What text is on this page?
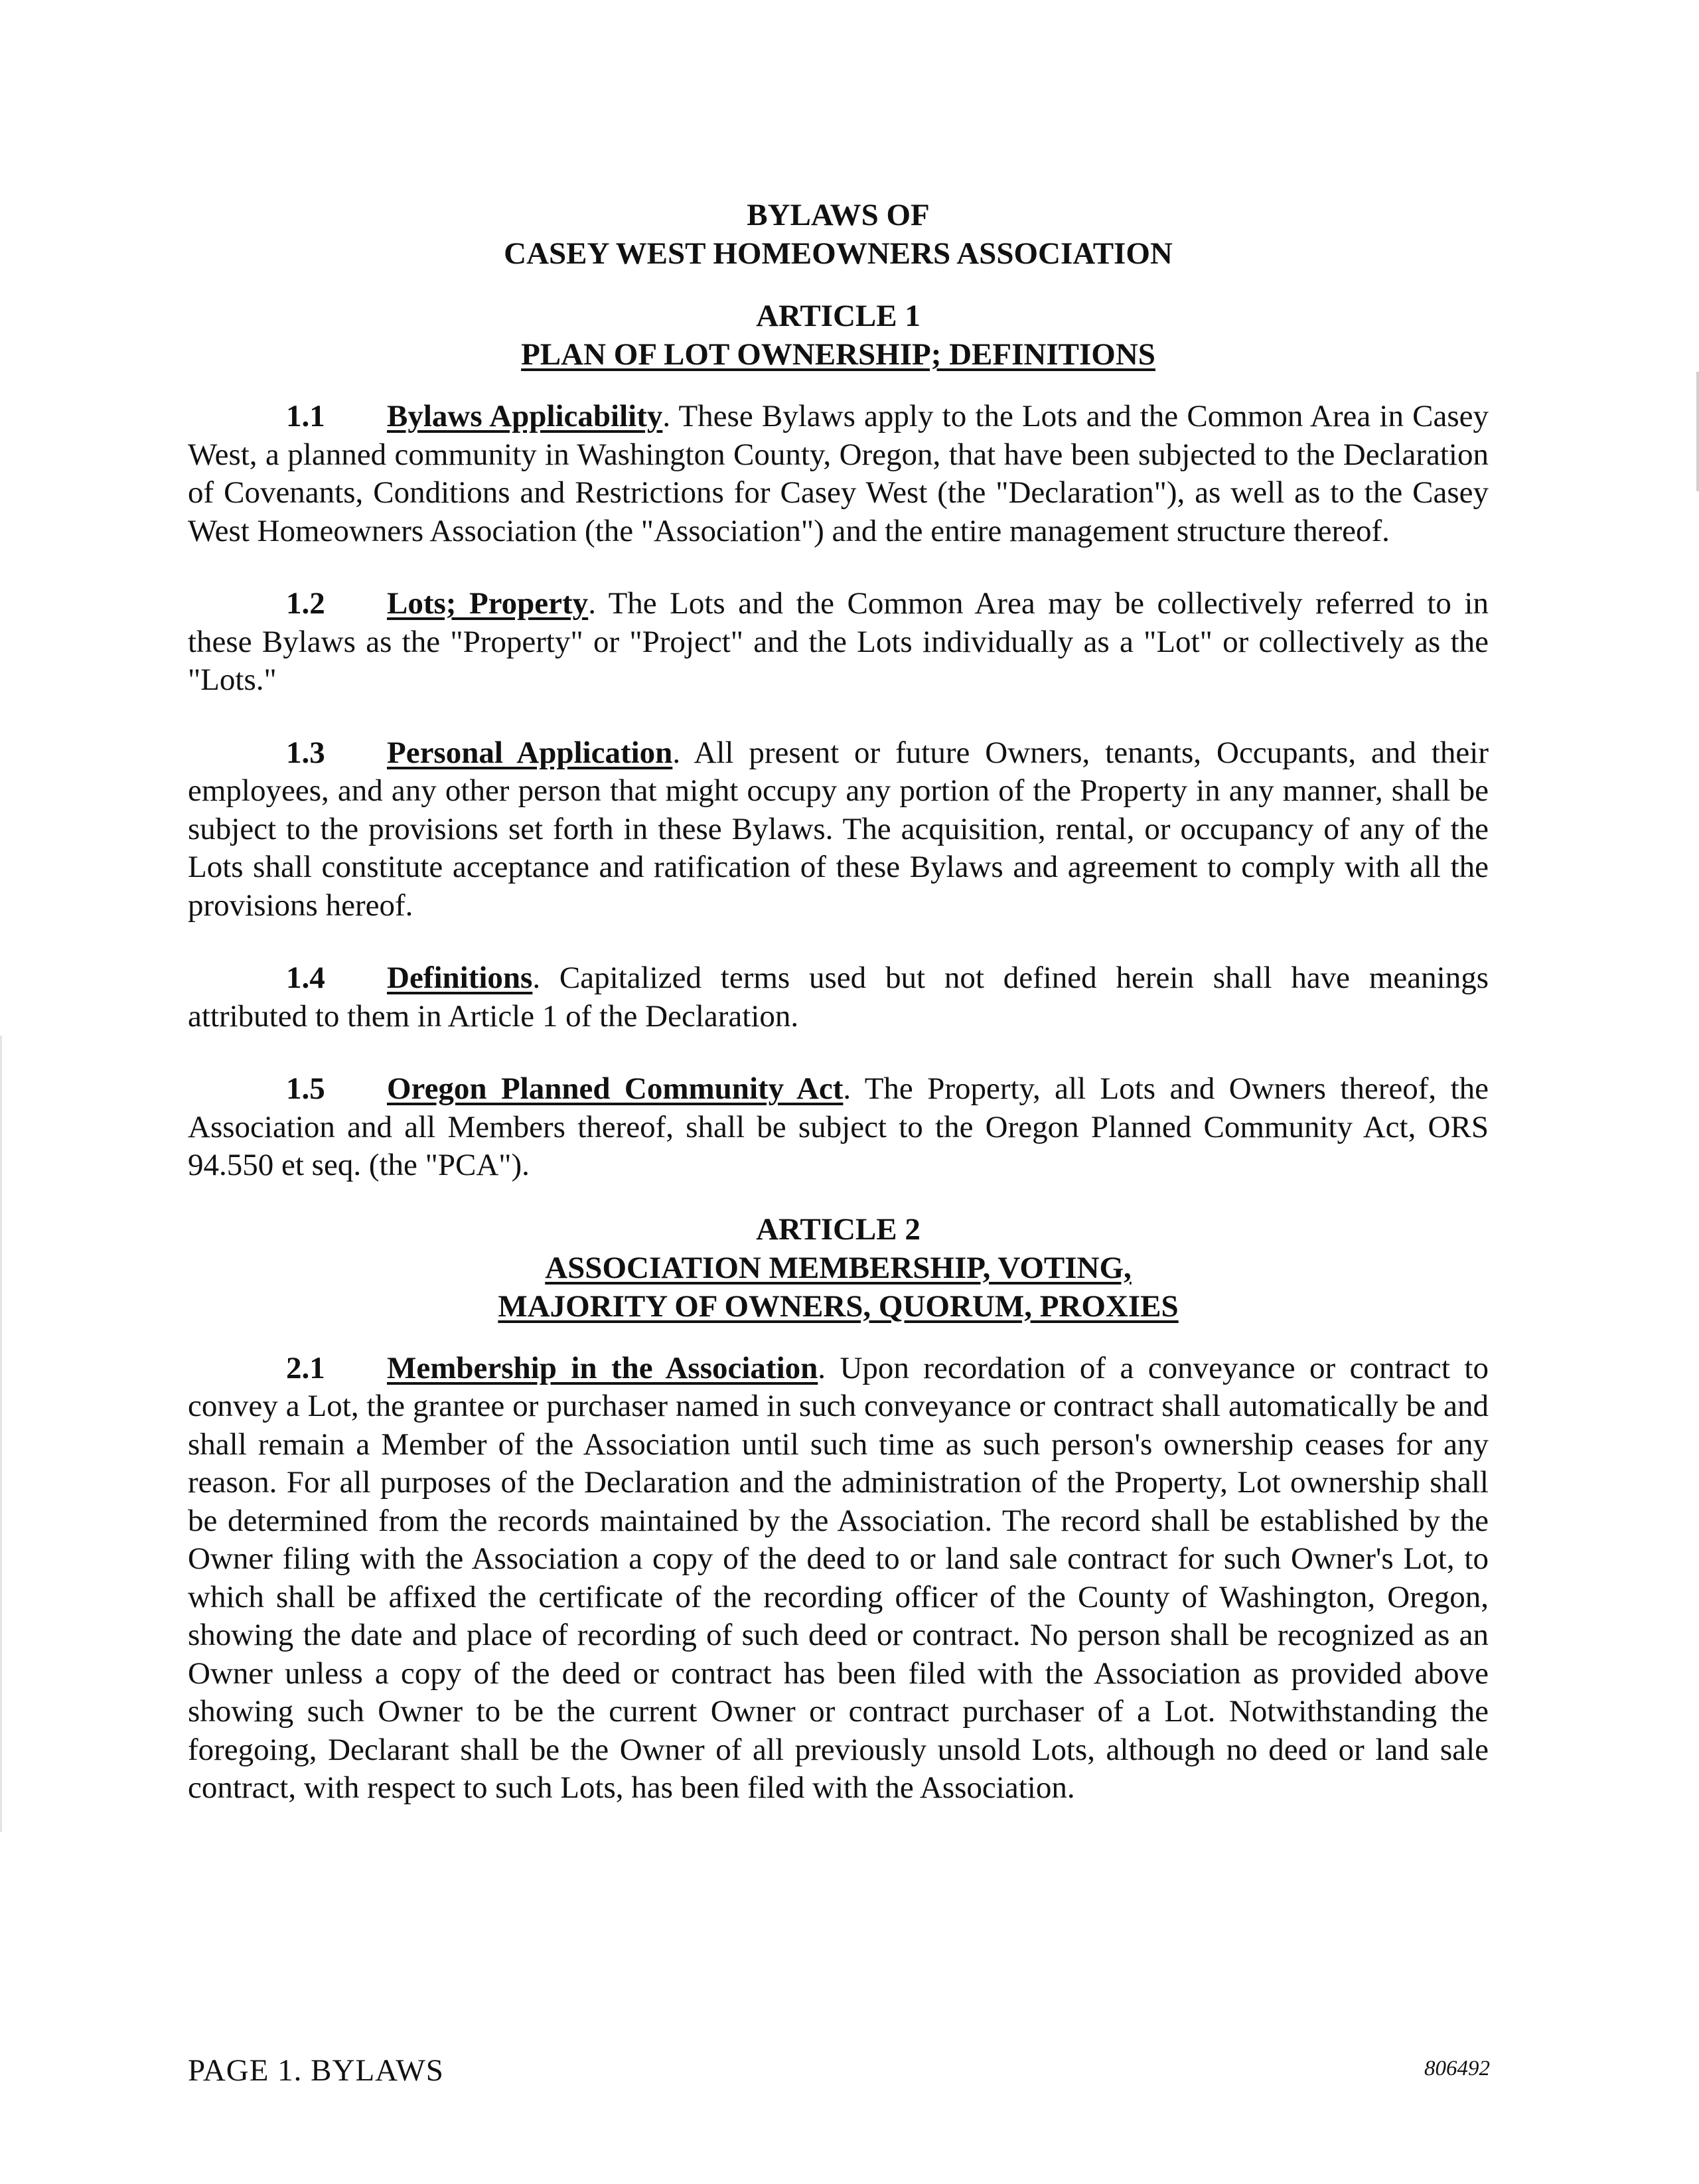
BYLAWS OF
CASEY WEST HOMEOWNERS ASSOCIATION
ARTICLE 1
PLAN OF LOT OWNERSHIP; DEFINITIONS

1.1 Bylaws Applicability. These Bylaws apply to the Lots and the Common Area in Casey West, a planned community in Washington County, Oregon, that have been subjected to the Declaration of Covenants, Conditions and Restrictions for Casey West (the "Declaration"), as well as to the Casey West Homeowners Association (the "Association") and the entire management structure thereof.

1.2 Lots; Property. The Lots and the Common Area may be collectively referred to in these Bylaws as the "Property" or "Project" and the Lots individually as a "Lot" or collectively as the "Lots."

1.3 Personal Application. All present or future Owners, tenants, Occupants, and their employees, and any other person that might occupy any portion of the Property in any manner, shall be subject to the provisions set forth in these Bylaws. The acquisition, rental, or occupancy of any of the Lots shall constitute acceptance and ratification of these Bylaws and agreement to comply with all the provisions hereof.

1.4 Definitions. Capitalized terms used but not defined herein shall have meanings attributed to them in Article 1 of the Declaration.

1.5 Oregon Planned Community Act. The Property, all Lots and Owners thereof, the Association and all Members thereof, shall be subject to the Oregon Planned Community Act, ORS 94.550 et seq. (the "PCA").

ARTICLE 2
ASSOCIATION MEMBERSHIP, VOTING,
MAJORITY OF OWNERS, QUORUM, PROXIES

2.1 Membership in the Association. Upon recordation of a conveyance or contract to convey a Lot, the grantee or purchaser named in such conveyance or contract shall automatically be and shall remain a Member of the Association until such time as such person's ownership ceases for any reason. For all purposes of the Declaration and the administration of the Property, Lot ownership shall be determined from the records maintained by the Association. The record shall be established by the Owner filing with the Association a copy of the deed to or land sale contract for such Owner's Lot, to which shall be affixed the certificate of the recording officer of the County of Washington, Oregon, showing the date and place of recording of such deed or contract. No person shall be recognized as an Owner unless a copy of the deed or contract has been filed with the Association as provided above showing such Owner to be the current Owner or contract purchaser of a Lot. Notwithstanding the foregoing, Declarant shall be the Owner of all previously unsold Lots, although no deed or land sale contract, with respect to such Lots, has been filed with the Association.

PAGE 1. BYLAWS	806492
